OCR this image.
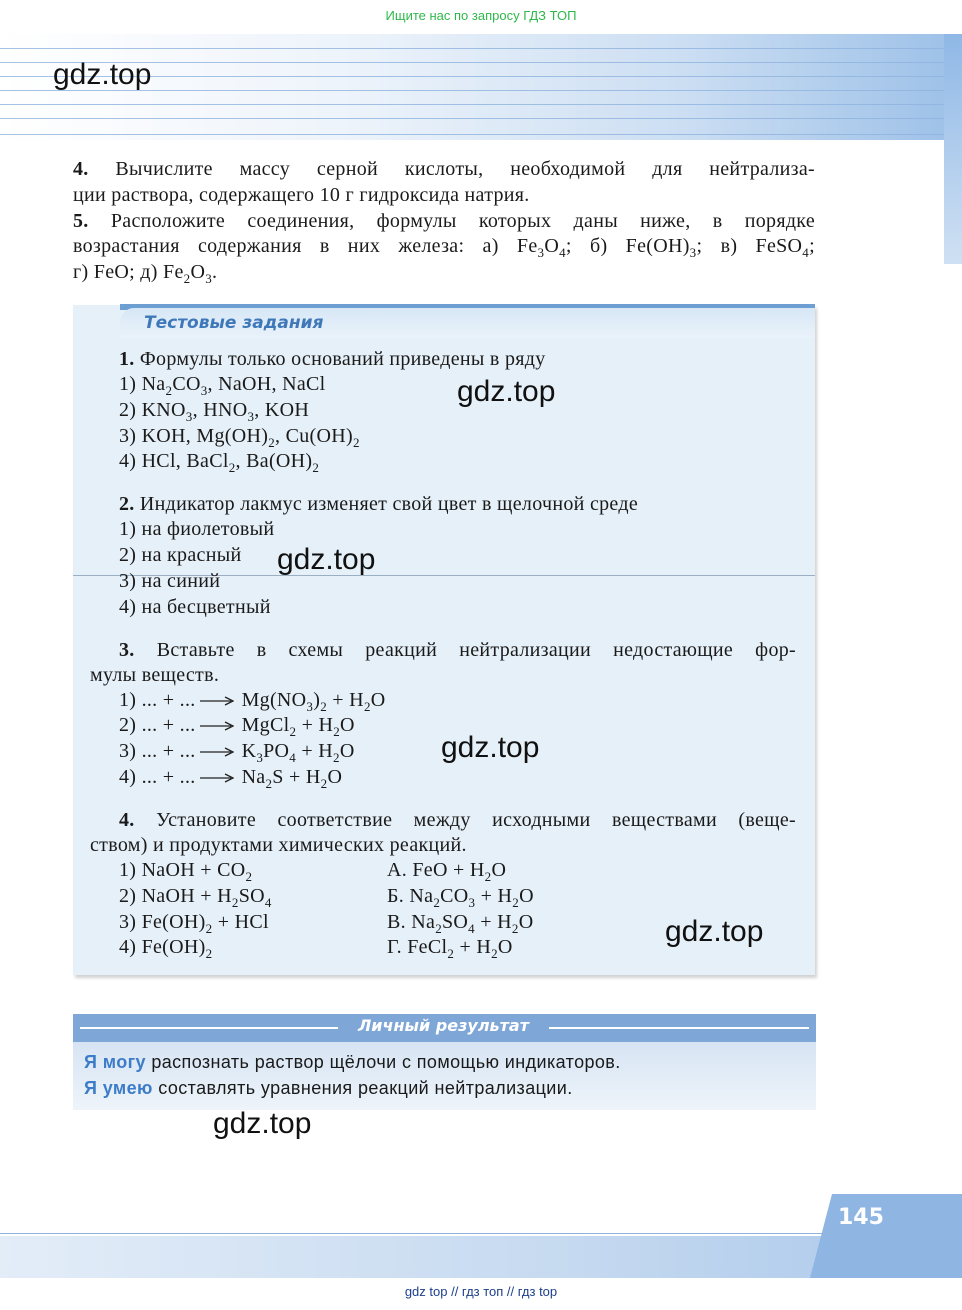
Ищите нас по запросу ГДЗ ТОП
gdz.top
4. Вычислите массу серной кислоты, необходимой для нейтрализа-
ции раствора, содержащего 10 г гидроксида натрия.
5. Расположите соединения, формулы которых даны ниже, в порядке
возрастания содержания в них железа: а) $Fe_3O_4$; б) $Fe(OH)_3$; в) FeSO$_4$;
г) FeO; д) $Fe_2O_3$.
Тестовые задания
1. Формулы только оснований приведены в ряду
1) $Na_2CO_3$, NaOH, NaCl
2) $KNO_3$, $HNO_3$, KOH
3) KOH, $Mg(OH)_2$, $Cu(OH)_2$
4) HCl, BaCl$_2$, $Ba(OH)_2$
gdz.top
2. Индикатор лакмус изменяет свой цвет в щелочной среде
1) на фиолетовый
2) на красный
3) на синий
4) на бесцветный
gdz.top
3. Вставьте в схемы реакций нейтрализации недостающие фор-
мулы веществ.
1) ... + ... $Mg(NO_3)_2 + H_2O$
2) ... + ... MgCl$_2$ + $H_2O$
3) ... + ... $K_3PO_4 + H_2O$
4) ... + ... $Na_2S + H_2O$
gdz.top
4. Установите соответствие между исходными веществами (веще-
ством) и продуктами химических реакций.
1) NaOH + $CO_2$
2) NaOH + $H_2SO_4$
3) $Fe(OH)_2$ + HCl
4) $Fe(OH)_2$
А. FeO + $H_2O$
Б. $Na_2CO_3 + H_2O$
В. $Na_2SO_4 + H_2O$
Г. FeCl$_2$ + $H_2O$	gdz.top
Личный результат
Я могу распознать раствор щёлочи с помощью индикаторов.
Я умею составлять уравнения реакций нейтрализации.
gdz.top
145
gdz top // гдз топ // гдз top
